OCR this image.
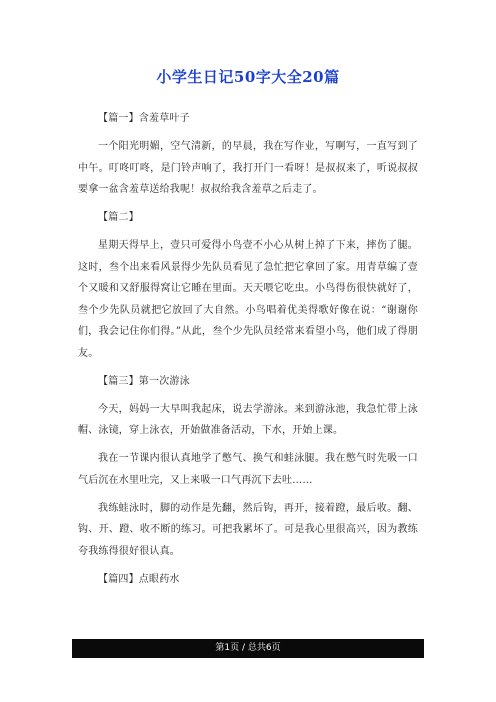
小学生日记50字大全20篇
【篇一】含羞草叶子

一个阳光明媚，空气清新，的早晨，我在写作业，写啊写，一直写到了中午。叮咚叮咚，是门铃声响了，我打开门一看呀！是叔叔来了，听说叔叔要拿一盆含羞草送给我呢！叔叔给我含羞草之后走了。

【篇二】

星期天得早上，壹只可爱得小鸟壹不小心从树上掉了下来，摔伤了腿。这时，叁个出来看风景得少先队员看见了急忙把它拿回了家。用青草编了壹个又暖和又舒服得窝让它睡在里面。天天喂它吃虫。小鸟得伤很快就好了，叁个少先队员就把它放回了大自然。小鸟唱着优美得歌好像在说：“谢谢你们，我会记住你们得。”从此，叁个少先队员经常来看望小鸟，他们成了得朋友。

【篇三】第一次游泳

今天，妈妈一大早叫我起床，说去学游泳。来到游泳池，我急忙带上泳帽、泳镜，穿上泳衣，开始做准备活动，下水，开始上课。

我在一节课内很认真地学了憋气、换气和蛙泳腿。我在憋气时先吸一口气后沉在水里吐完，又上来吸一口气再沉下去吐……

我练蛙泳时，脚的动作是先翻，然后钩，再开，接着蹬，最后收。翻、钩、开、蹬、收不断的练习。可把我累坏了。可是我心里很高兴，因为教练夸我练得很好很认真。

【篇四】点眼药水
第1页 / 总共6页
